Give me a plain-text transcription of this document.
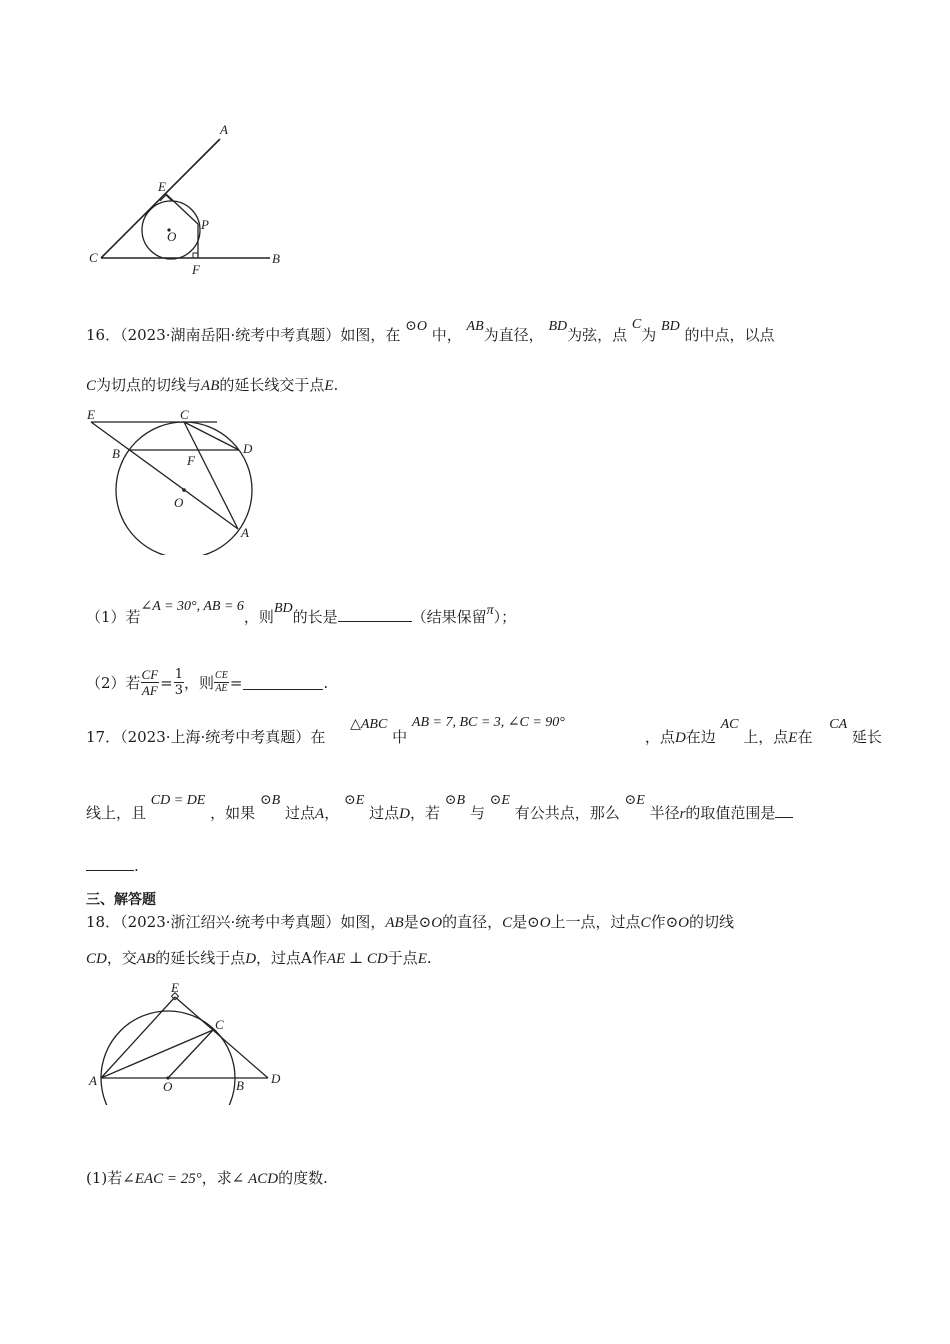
A
E
P
O
C
F
B
16．（2023·湖南岳阳·统考中考真题）如图，在 ⊙O 中， AB为直径， BD为弦，点 C为 BD 的中点，以点
C为切点的切线与AB的延长线交于点E.
E	C
B	F
D
O
A
（1）若∠A = 30°, AB = 6，则BD的长是	（结果保留π）；
（2）若 $\frac{CF}{AF} = \frac{1}{3}$ ，则 $\frac{CE}{AE}$ =	.
17．（2023·上海·统考中考真题）在 △ABC 中 AB = 7, BC = 3, ∠C = 90°，点D在边 AC 上，点E在 CA 延长
线上，且 CD = DE ，如果 ⊙B 过点A， ⊙E 过点D，若 ⊙B 与 ⊙E 有公共点，那么 ⊙E 半径r的取值范围是
.
三、解答题
18．（2023·浙江绍兴·统考中考真题）如图，AB是⊙O的直径，C是⊙O上一点，过点C作⊙O的切线
CD，交AB的延长线于点D，过点A作AE ⊥ CD于点E.
E
C
A	O	B D
(1)若∠EAC = 25°，求∠ ACD的度数.
